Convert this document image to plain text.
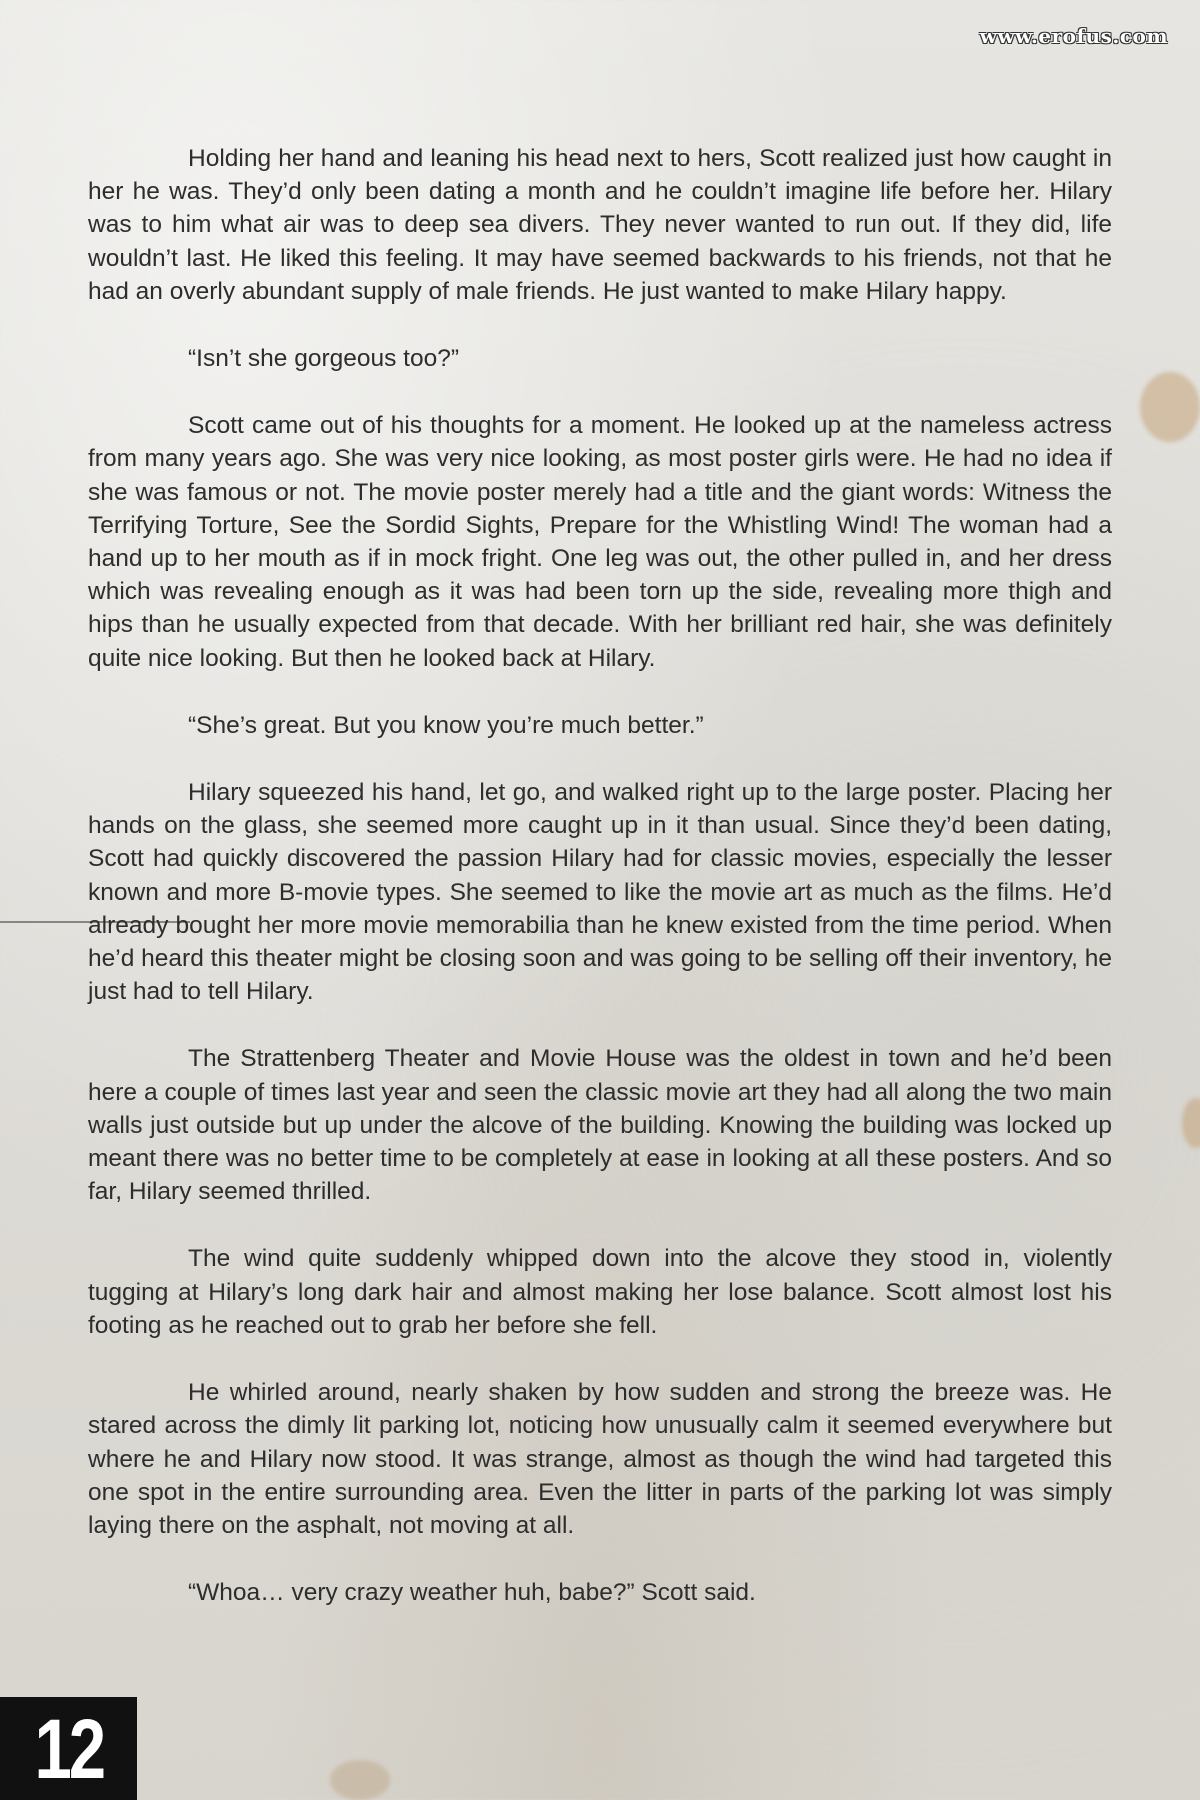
www.erofus.com

Holding her hand and leaning his head next to hers, Scott realized just how caught in her he was. They’d only been dating a month and he couldn’t imagine life before her. Hilary was to him what air was to deep sea divers. They never wanted to run out. If they did, life wouldn’t last. He liked this feeling. It may have seemed backwards to his friends, not that he had an overly abundant supply of male friends. He just wanted to make Hilary happy.

“Isn’t she gorgeous too?”

Scott came out of his thoughts for a moment. He looked up at the nameless actress from many years ago. She was very nice looking, as most poster girls were. He had no idea if she was famous or not. The movie poster merely had a title and the giant words: Witness the Terrifying Torture, See the Sordid Sights, Prepare for the Whistling Wind! The woman had a hand up to her mouth as if in mock fright. One leg was out, the other pulled in, and her dress which was revealing enough as it was had been torn up the side, revealing more thigh and hips than he usually expected from that decade. With her brilliant red hair, she was definitely quite nice looking. But then he looked back at Hilary.

“She’s great. But you know you’re much better.”

Hilary squeezed his hand, let go, and walked right up to the large poster. Placing her hands on the glass, she seemed more caught up in it than usual. Since they’d been dating, Scott had quickly discovered the passion Hilary had for classic movies, especially the lesser known and more B-movie types. She seemed to like the movie art as much as the films. He’d already bought her more movie memorabilia than he knew existed from the time period. When he’d heard this theater might be closing soon and was going to be selling off their inventory, he just had to tell Hilary.

The Strattenberg Theater and Movie House was the oldest in town and he’d been here a couple of times last year and seen the classic movie art they had all along the two main walls just outside but up under the alcove of the building. Knowing the building was locked up meant there was no better time to be completely at ease in looking at all these posters. And so far, Hilary seemed thrilled.

The wind quite suddenly whipped down into the alcove they stood in, violently tugging at Hilary’s long dark hair and almost making her lose balance. Scott almost lost his footing as he reached out to grab her before she fell.

He whirled around, nearly shaken by how sudden and strong the breeze was. He stared across the dimly lit parking lot, noticing how unusually calm it seemed everywhere but where he and Hilary now stood. It was strange, almost as though the wind had targeted this one spot in the entire surrounding area. Even the litter in parts of the parking lot was simply laying there on the asphalt, not moving at all.

“Whoa… very crazy weather huh, babe?” Scott said.

12
